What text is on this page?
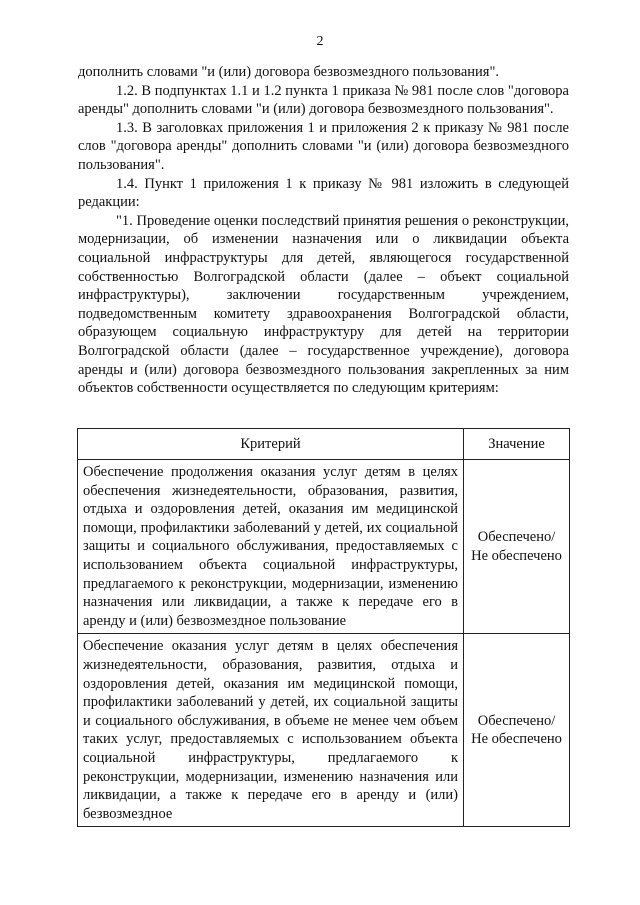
2

дополнить словами "и (или) договора безвозмездного пользования".

1.2. В подпунктах 1.1 и 1.2 пункта 1 приказа № 981 после слов "договора аренды" дополнить словами "и (или) договора безвозмездного пользования".

1.3. В заголовках приложения 1 и приложения 2 к приказу № 981 после слов "договора аренды" дополнить словами "и (или) договора безвозмездного пользования".

1.4. Пункт 1 приложения 1 к приказу № 981 изложить в следующей редакции:

"1. Проведение оценки последствий принятия решения о реконструкции, модернизации, об изменении назначения или о ликвидации объекта социальной инфраструктуры для детей, являющегося государственной собственностью Волгоградской области (далее – объект социальной инфраструктуры), заключении государственным учреждением, подведомственным комитету здравоохранения Волгоградской области, образующем социальную инфраструктуру для детей на территории Волгоградской области (далее – государственное учреждение), договора аренды и (или) договора безвозмездного пользования закрепленных за ним объектов собственности осуществляется по следующим критериям:

Критерий	Значение
Обеспечение продолжения оказания услуг детям в целях обеспечения жизнедеятельности, образования, развития, отдыха и оздоровления детей, оказания им медицинской помощи, профилактики заболеваний у детей, их социальной защиты и социального обслуживания, предоставляемых с использованием объекта социальной инфраструктуры, предлагаемого к реконструкции, модернизации, изменению назначения или ликвидации, а также к передаче его в аренду и (или) безвозмездное пользование	Обеспечено/ Не обеспечено
Обеспечение оказания услуг детям в целях обеспечения жизнедеятельности, образования, развития, отдыха и оздоровления детей, оказания им медицинской помощи, профилактики заболеваний у детей, их социальной защиты и социального обслуживания, в объеме не менее чем объем таких услуг, предоставляемых с использованием объекта социальной инфраструктуры, предлагаемого к реконструкции, модернизации, изменению назначения или ликвидации, а также к передаче его в аренду и (или) безвозмездное	Обеспечено/ Не обеспечено
